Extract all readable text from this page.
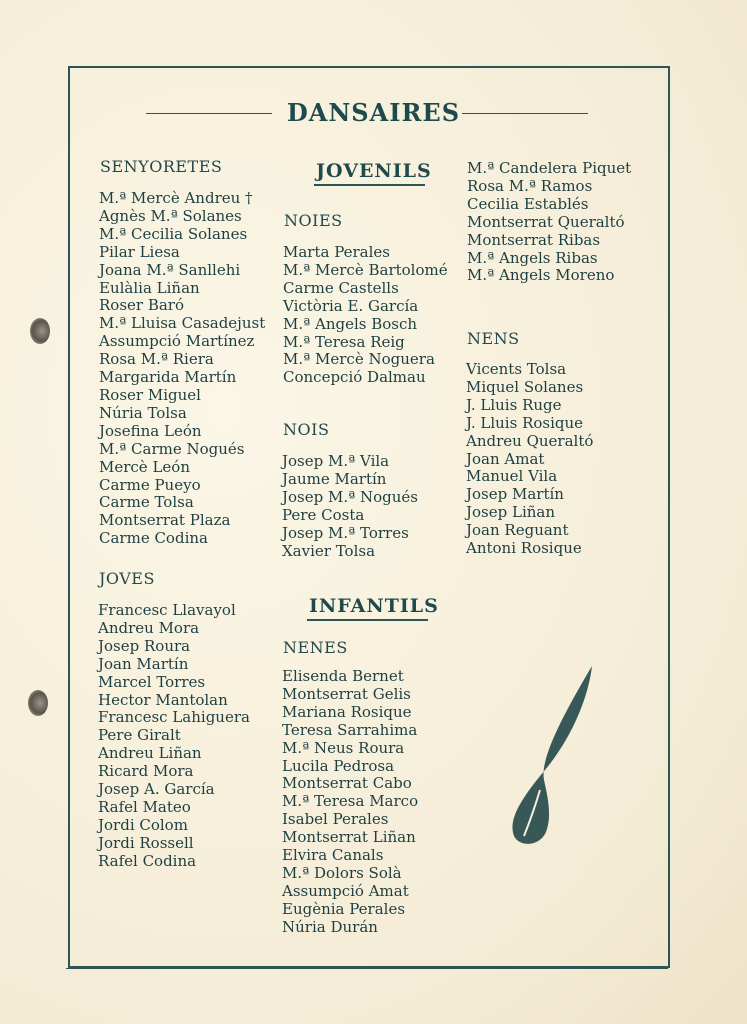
DANSAIRES
SENYORETES
M.ª Mercè Andreu †
Agnès M.ª Solanes
M.ª Cecilia Solanes
Pilar Liesa
Joana M.ª Sanllehi
Eulàlia Liñan
Roser Baró
M.ª Lluisa Casadejust
Assumpció Martínez
Rosa M.ª Riera
Margarida Martín
Roser Miguel
Núria Tolsa
Josefina León
M.ª Carme Nogués
Mercè León
Carme Pueyo
Carme Tolsa
Montserrat Plaza
Carme Codina
JOVES
Francesc Llavayol
Andreu Mora
Josep Roura
Joan Martín
Marcel Torres
Hector Mantolan
Francesc Lahiguera
Pere Giralt
Andreu Liñan
Ricard Mora
Josep A. García
Rafel Mateo
Jordi Colom
Jordi Rossell
Rafel Codina
JOVENILS
NOIES
Marta Perales
M.ª Mercè Bartolomé
Carme Castells
Victòria E. García
M.ª Angels Bosch
M.ª Teresa Reig
M.ª Mercè Noguera
Concepció Dalmau
NOIS
Josep M.ª Vila
Jaume Martín
Josep M.ª Nogués
Pere Costa
Josep M.ª Torres
Xavier Tolsa
M.ª Candelera Piquet
Rosa M.ª Ramos
Cecilia Establés
Montserrat Queraltó
Montserrat Ribas
M.ª Angels Ribas
M.ª Angels Moreno
NENS
Vicents Tolsa
Miquel Solanes
J. Lluis Ruge
J. Lluis Rosique
Andreu Queraltó
Joan Amat
Manuel Vila
Josep Martín
Josep Liñan
Joan Reguant
Antoni Rosique
INFANTILS
NENES
Elisenda Bernet
Montserrat Gelis
Mariana Rosique
Teresa Sarrahima
M.ª Neus Roura
Lucila Pedrosa
Montserrat Cabo
M.ª Teresa Marco
Isabel Perales
Montserrat Liñan
Elvira Canals
M.ª Dolors Solà
Assumpció Amat
Eugènia Perales
Núria Durán
